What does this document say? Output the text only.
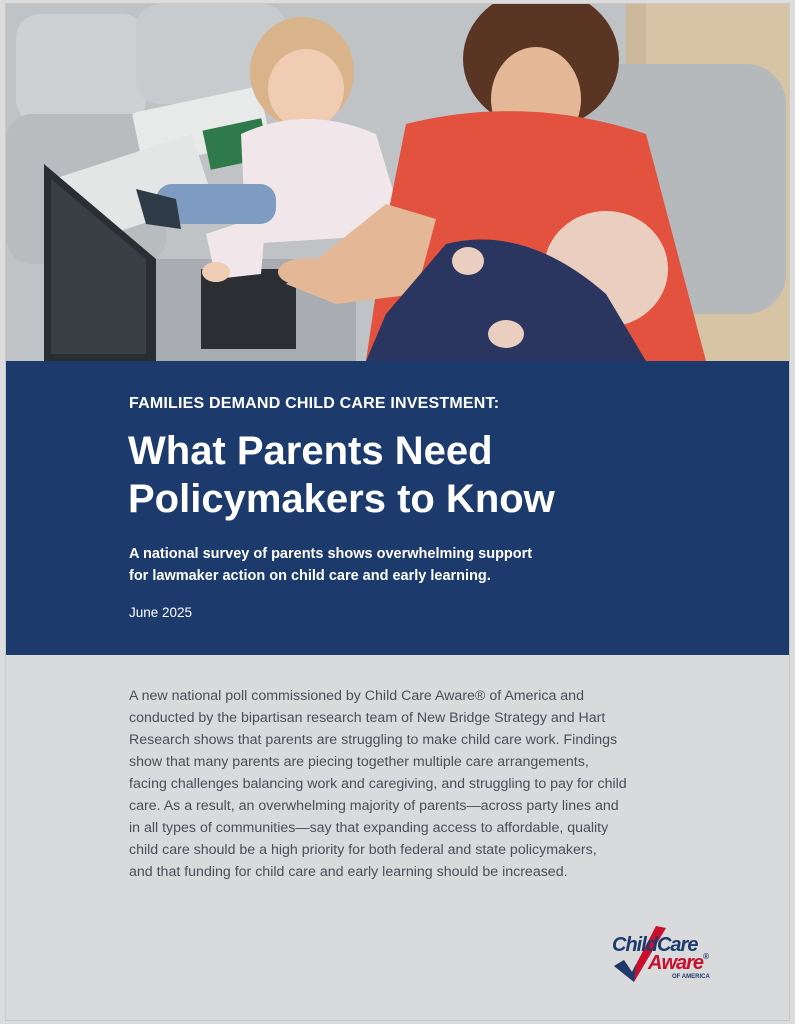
FAMILIES DEMAND CHILD CARE INVESTMENT:
What Parents Need
Policymakers to Know
A national survey of parents shows overwhelming support
for lawmaker action on child care and early learning.
June 2025
A new national poll commissioned by Child Care Aware® of America and
conducted by the bipartisan research team of New Bridge Strategy and Hart
Research shows that parents are struggling to make child care work. Findings
show that many parents are piecing together multiple care arrangements,
facing challenges balancing work and caregiving, and struggling to pay for child
care. As a result, an overwhelming majority of parents—across party lines and
in all types of communities—say that expanding access to affordable, quality
child care should be a high priority for both federal and state policymakers,
and that funding for child care and early learning should be increased.
ChildCare
Aware®
OF AMERICA
